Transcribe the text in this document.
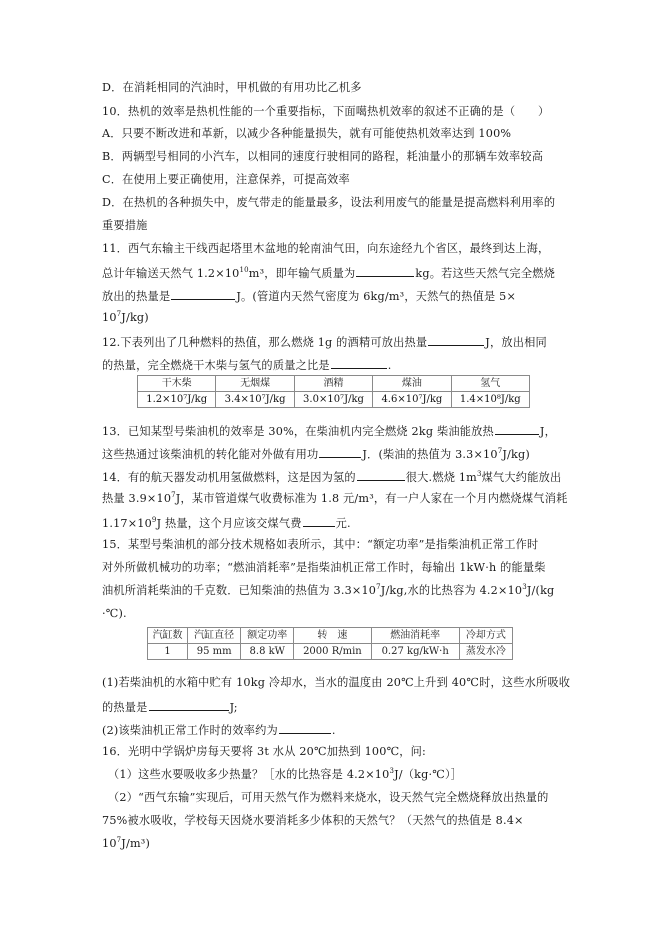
D．在消耗相同的汽油时，甲机做的有用功比乙机多
10．热机的效率是热机性能的一个重要指标，下面噶热机效率的叙述不正确的是（　　）
A．只要不断改进和革新，以减少各种能量损失，就有可能使热机效率达到 100%
B．两辆型号相同的小汽车，以相同的速度行驶相同的路程，耗油量小的那辆车效率较高
C．在使用上要正确使用，注意保养，可提高效率
D．在热机的各种损失中，废气带走的能量最多，设法利用废气的能量是提高燃料利用率的
重要措施
11．西气东输主干线西起塔里木盆地的轮南油气田，向东途经九个省区，最终到达上海，
总计年输送天然气 $1.2\times 10^{10}m^3$，即年输气质量为	kg。若这些天然气完全燃烧
放出的热量是	J。(管道内天然气密度为 6kg/m³，天然气的热值是 5×
$10^7J/kg$)
12.下表列出了几种燃料的热值，那么燃烧 1g 的酒精可放出热量	J，放出相同
的热量，完全燃烧干木柴与氢气的质量之比是	.
干木柴	无烟煤	酒精	煤油	氢气
1.2×10⁷J/kg	3.4×10⁷J/kg	3.0×10⁷J/kg	4.6×10⁷J/kg	1.4×10⁸J/kg
13．已知某型号柴油机的效率是 30%，在柴油机内完全燃烧 2kg 柴油能放热	J，
这些热通过该柴油机的转化能对外做有用功	J．(柴油的热值为 $3.3\times 10^7J/kg$)
14．有的航天器发动机用氢做燃料，这是因为氢的	很大.燃烧 $1m^3$煤气大约能放出
热量 $3.9\times 10^7J$，某市管道煤气收费标准为 1.8 元/m³，有一户人家在一个月内燃烧煤气消耗
$1.17\times 10^9J$ 热量，这个月应该交煤气费	元.
15．某型号柴油机的部分技术规格如表所示，其中：“额定功率”是指柴油机正常工作时
对外所做机械功的功率；“燃油消耗率”是指柴油机正常工作时，每输出 1kW·h 的能量柴
油机所消耗柴油的千克数．已知柴油的热值为 $3.3\times 10^7J/kg$,水的比热容为 $4.2\times 10^3J/(kg$
·℃).
汽缸数	汽缸直径	额定功率	转　速	燃油消耗率	冷却方式
1	95 mm	8.8 kW	2000 R/min	0.27 kg/kW·h	蒸发水冷
(1)若柴油机的水箱中贮有 10kg 冷却水，当水的温度由 20℃上升到 40℃时，这些水所吸收
的热量是	J;
(2)该柴油机正常工作时的效率约为	.
16．光明中学锅炉房每天要将 3t 水从 20℃加热到 100℃，问:
（1）这些水要吸收多少热量？［水的比热容是 $4.2\times 10^3J/(kg\cdot℃)]$
（2）“西气东输”实现后，可用天然气作为燃料来烧水，设天然气完全燃烧释放出热量的
75%被水吸收，学校每天因烧水要消耗多少体积的天然气？（天然气的热值是 8.4×
$10^7J/m^3$)
